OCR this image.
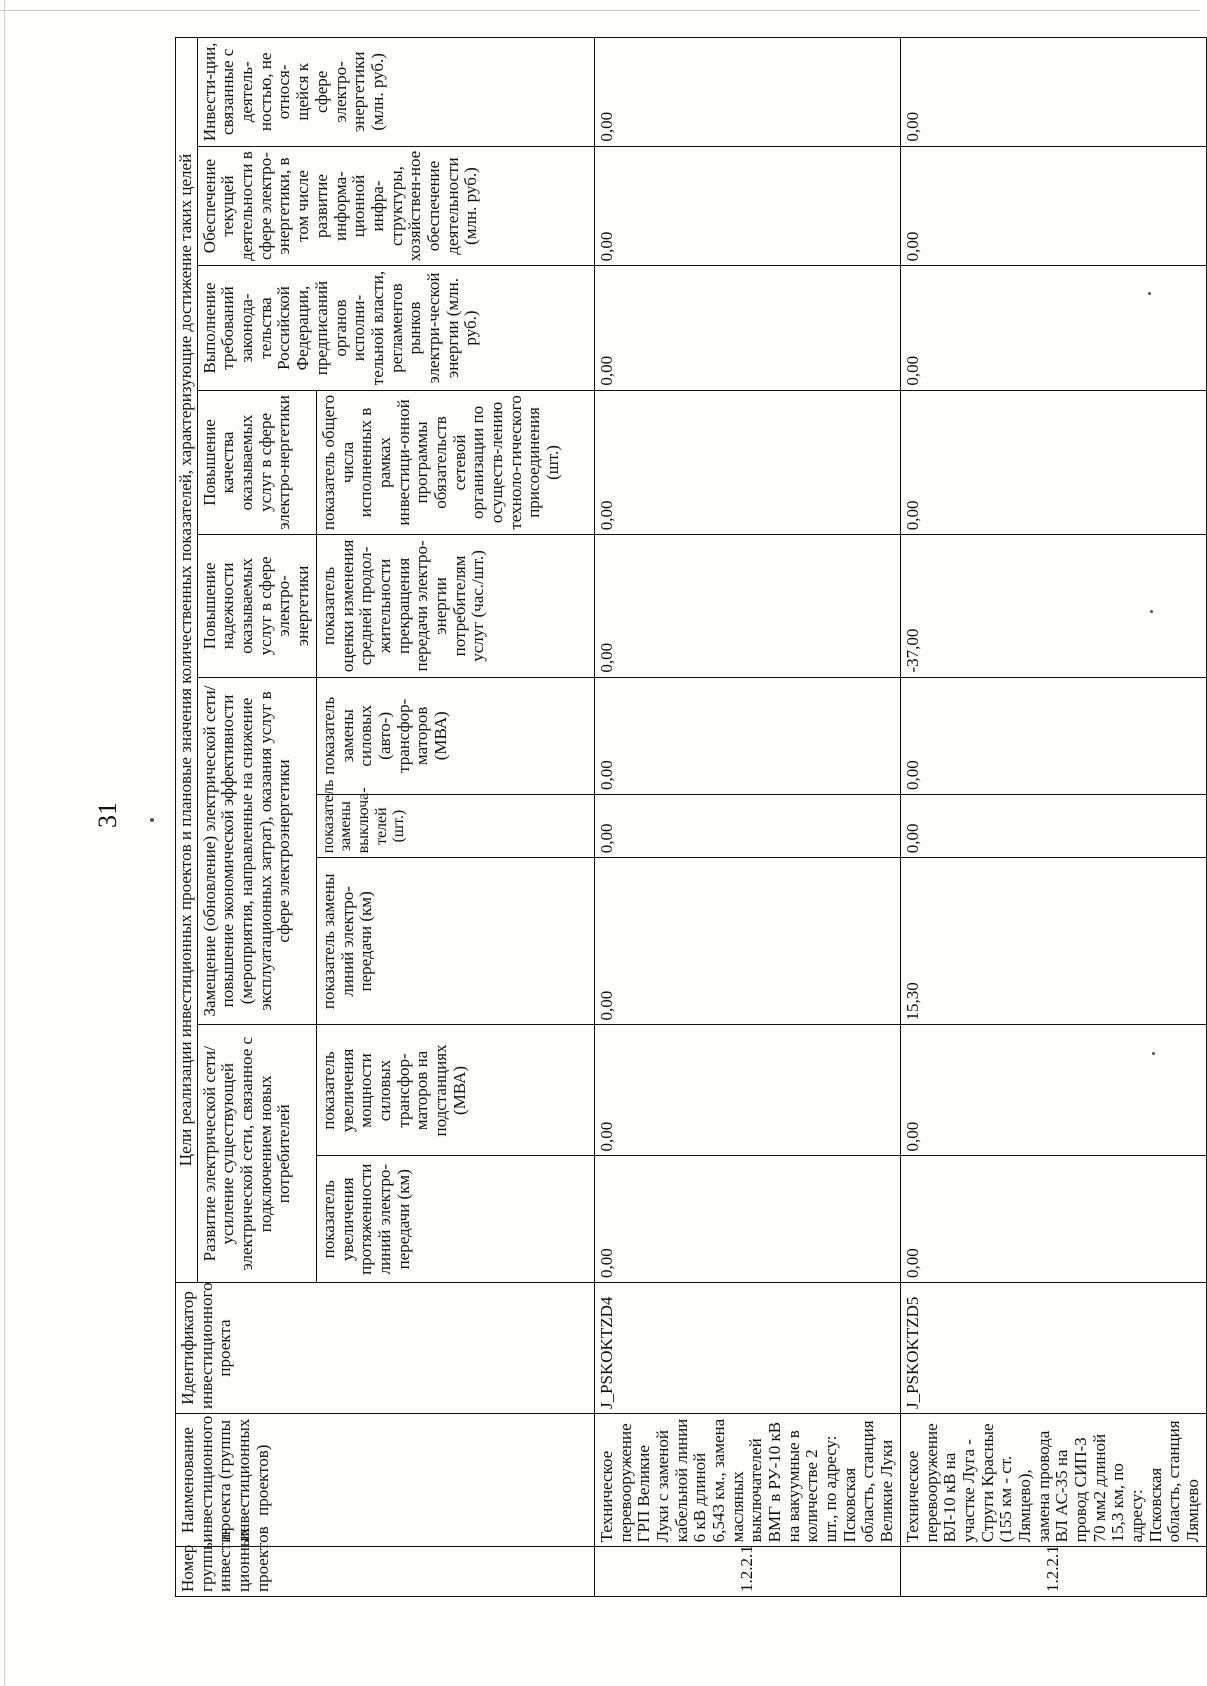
31
Номер группы инвести-ционных проектов	Наименование инвестиционного проекта (группы инвестиционных проектов)	Идентификатор инвестиционного проекта	Цели реализации инвестиционных проектов и плановые значения количественных показателей, характеризующие достижение таких целей									
			Развитие электрической сети/усиление существующей электрической сети, связанное с подключением новых потребителей		Замещение (обновление) электрической сети/повышение экономической эффективности (мероприятия, направленные на снижение эксплуатационных затрат), оказания услуг в сфере электроэнергетики			Повышение надежности оказываемых услуг в сфере электро-энергетики	Повышение качества оказываемых услуг в сфере электро-нергетики	Выполнение требований законода-тельства Российской Федерации, предписаний органов исполни-тельной власти, регламентов рынков электри-ческой энергии (млн. руб.)	Обеспечение текущей деятельности в сфере электро-энергетики, в том числе развитие информа-ционной инфра-структуры, хозяйствен-ное обеспечение деятельности (млн. руб.)	Инвести-ции, связанные с деятель-ностью, не относя-щейся к сфере электро-энергетики (млн. руб.)
			показатель увеличения протяженности линий электро-передачи (км)	показатель увеличения мощности силовых трансфор-маторов на подстанциях (МВА)	показатель замены линий электро-передачи (км)	показатель замены выключа-телей (шт.)	показатель замены силовых (авто-) трансфор-маторов (МВА)	показатель оценки изменения средней продол-жительности прекращения передачи электро-энергии потребителям услуг (час./шт.)	показатель общего числа исполненных в рамках инвестици-онной программы обязательств сетевой организации по осуществ-лению техноло-гического присоединения (шт.)			
1.2.2.1	Техническое перевооружение ГРП Великие Луки с заменой кабельной линии 6 кВ длиной 6,543 км., замена масляных выключателей ВМГ в РУ-10 кВ на вакуумные в количестве 2 шт., по адресу: Псковская область, станция Великие Луки	J_PSKOKTZD4	0,00	0,00	0,00	0,00	0,00	0,00	0,00	0,00	0,00	0,00
1.2.2.1	Техническое перевооружение ВЛ-10 кВ на участке Луга - Струги Красные (155 км - ст. Лямцево), замена провода ВЛ АС-35 на провод СИП-3 70 мм2 длиной 15,3 км, по адресу: Псковская область, станция Лямцево	J_PSKOKTZD5	0,00	0,00	15,30	0,00	0,00	-37,00	0,00	0,00	0,00	0,00
